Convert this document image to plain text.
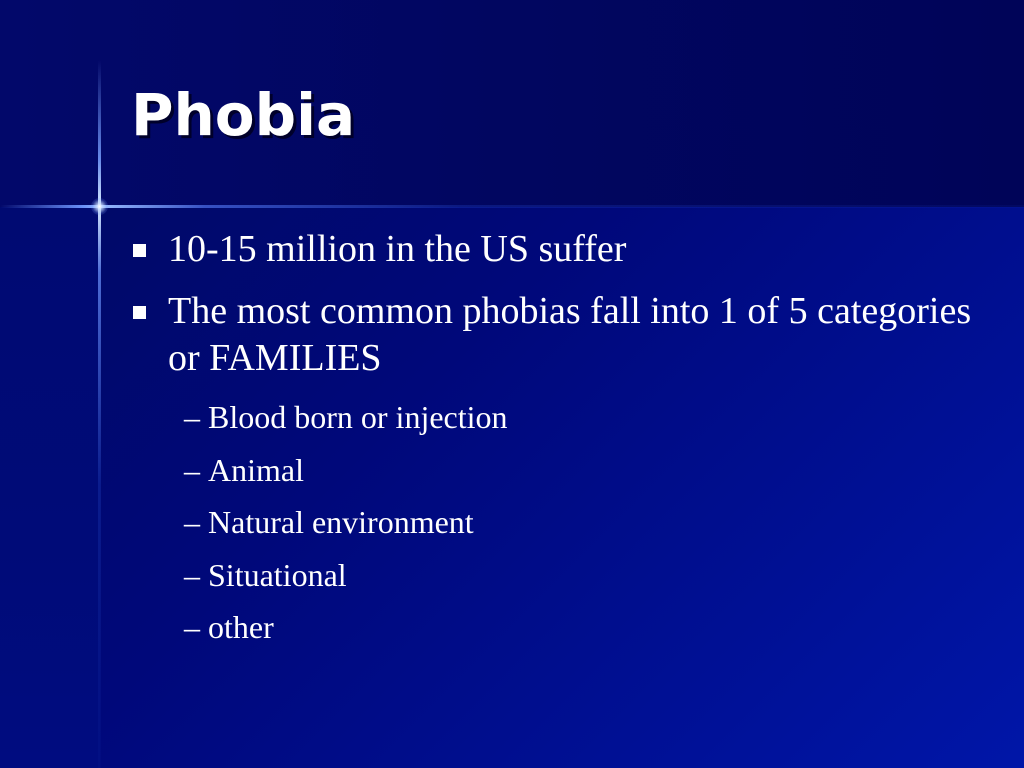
Phobia
10-15 million in the US suffer
The most common phobias fall into 1 of 5 categories or FAMILIES
– Blood born or injection
– Animal
– Natural environment
– Situational
– other
